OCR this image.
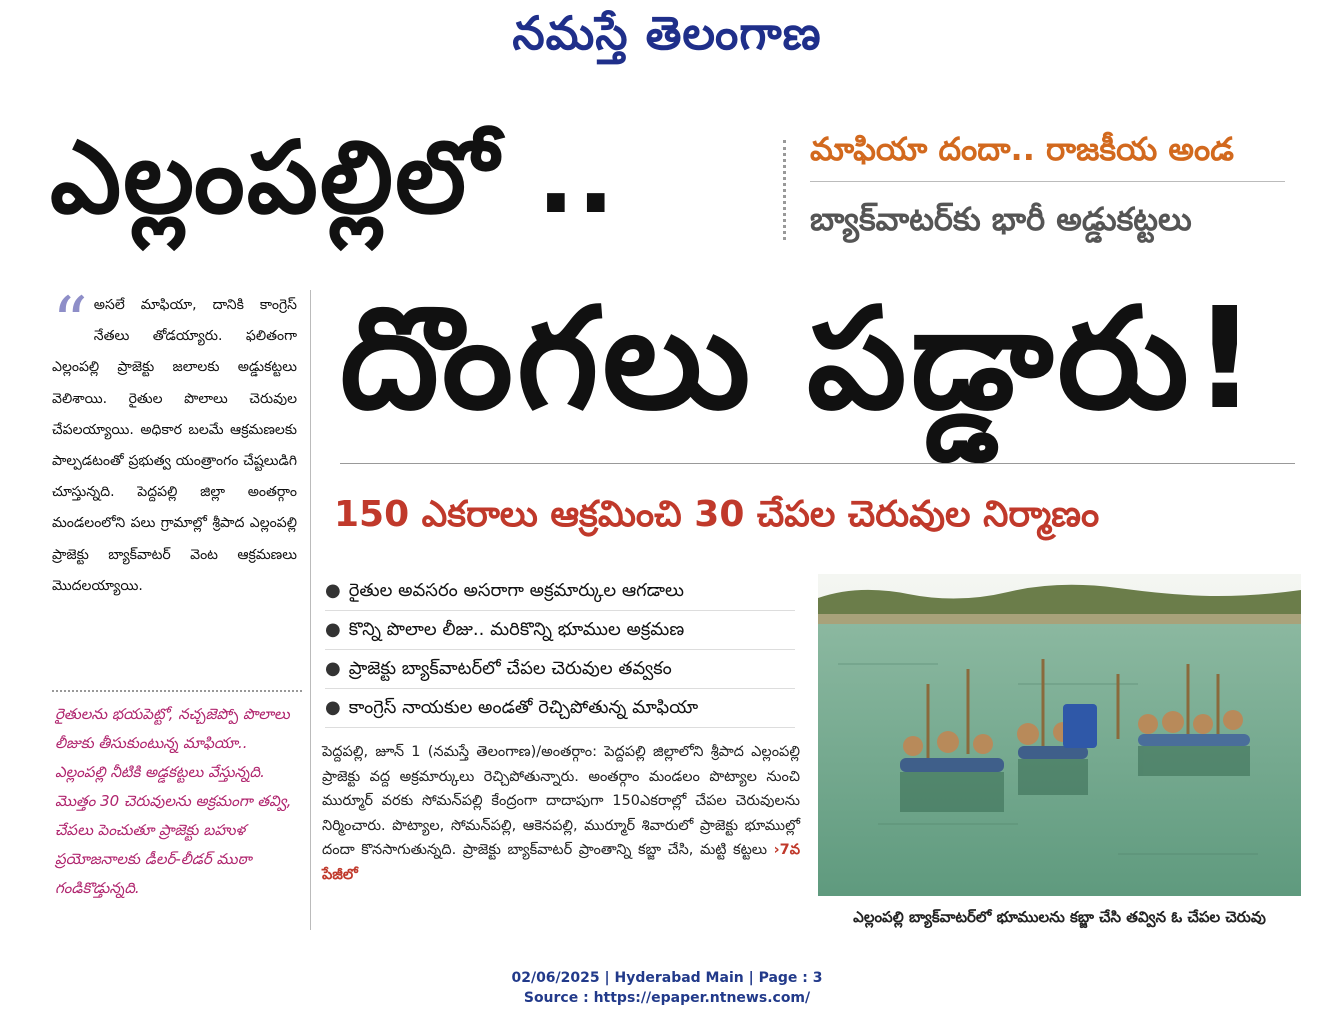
నమస్తే తెలంగాణ
ఎల్లంపల్లిలో ..	మాఫియా దందా.. రాజకీయ అండ
బ్యాక్‌వాటర్‌కు భారీ అడ్డుకట్టలు
దొంగలు పడ్డారు!
150 ఎకరాలు ఆక్రమించి 30 చేపల చెరువుల నిర్మాణం
“ అసలే మాఫియా, దానికి కాంగ్రెస్ నేతలు తోడయ్యారు. ఫలితంగా ఎల్లంపల్లి ప్రాజెక్టు జలాలకు అడ్డుకట్టలు వెలిశాయి. రైతుల పొలాలు చెరువుల చేపలయ్యాయి. అధికార బలమే ఆక్రమణలకు పాల్పడటంతో ప్రభుత్వ యంత్రాంగం చేష్టలుడిగి చూస్తున్నది. పెద్దపల్లి జిల్లా అంతర్గాం మండలంలోని పలు గ్రామాల్లో శ్రీపాద ఎల్లంపల్లి ప్రాజెక్టు బ్యాక్‌వాటర్ వెంట ఆక్రమణలు మొదలయ్యాయి.
రైతులను భయపెట్టో, నచ్చజెప్పో పొలాలు లీజుకు తీసుకుంటున్న మాఫియా.. ఎల్లంపల్లి నీటికి అడ్డకట్టలు వేస్తున్నది. మొత్తం 30 చెరువులను అక్రమంగా తవ్వి, చేపలు పెంచుతూ ప్రాజెక్టు బహుళ ప్రయోజనాలకు డీలర్-లీడర్ ముఠా గండికొడ్తున్నది.
● రైతుల అవసరం అసరాగా అక్రమార్కుల ఆగడాలు
● కొన్ని పొలాల లీజు.. మరికొన్ని భూముల అక్రమణ
● ప్రాజెక్టు బ్యాక్‌వాటర్‌లో చేపల చెరువుల తవ్వకం
● కాంగ్రెస్ నాయకుల అండతో రెచ్చిపోతున్న మాఫియా
పెద్దపల్లి, జూన్ 1 (నమస్తే తెలంగాణ)/అంతర్గాం: పెద్దపల్లి జిల్లాలోని శ్రీపాద ఎల్లంపల్లి ప్రాజెక్టు వద్ద అక్రమార్కులు రెచ్చిపోతున్నారు. అంతర్గాం మండలం పొట్యాల నుంచి ముర్మూర్ వరకు సోమన్‌పల్లి కేంద్రంగా దాదాపుగా 150ఎకరాల్లో చేపల చెరువులను నిర్మించారు. పొట్యాల, సోమన్‌పల్లి, ఆకెనపల్లి, ముర్మూర్ శివారులో ప్రాజెక్టు భూముల్లో దందా కొనసాగుతున్నది. ప్రాజెక్టు బ్యాక్‌వాటర్ ప్రాంతాన్ని కబ్జా చేసి, మట్టి కట్టలు ›7వ పేజీలో
ఎల్లంపల్లి బ్యాక్‌వాటర్‌లో భూములను కబ్జా చేసి తవ్విన ఓ చేపల చెరువు
02/06/2025 | Hyderabad Main | Page : 3
Source : https://epaper.ntnews.com/
